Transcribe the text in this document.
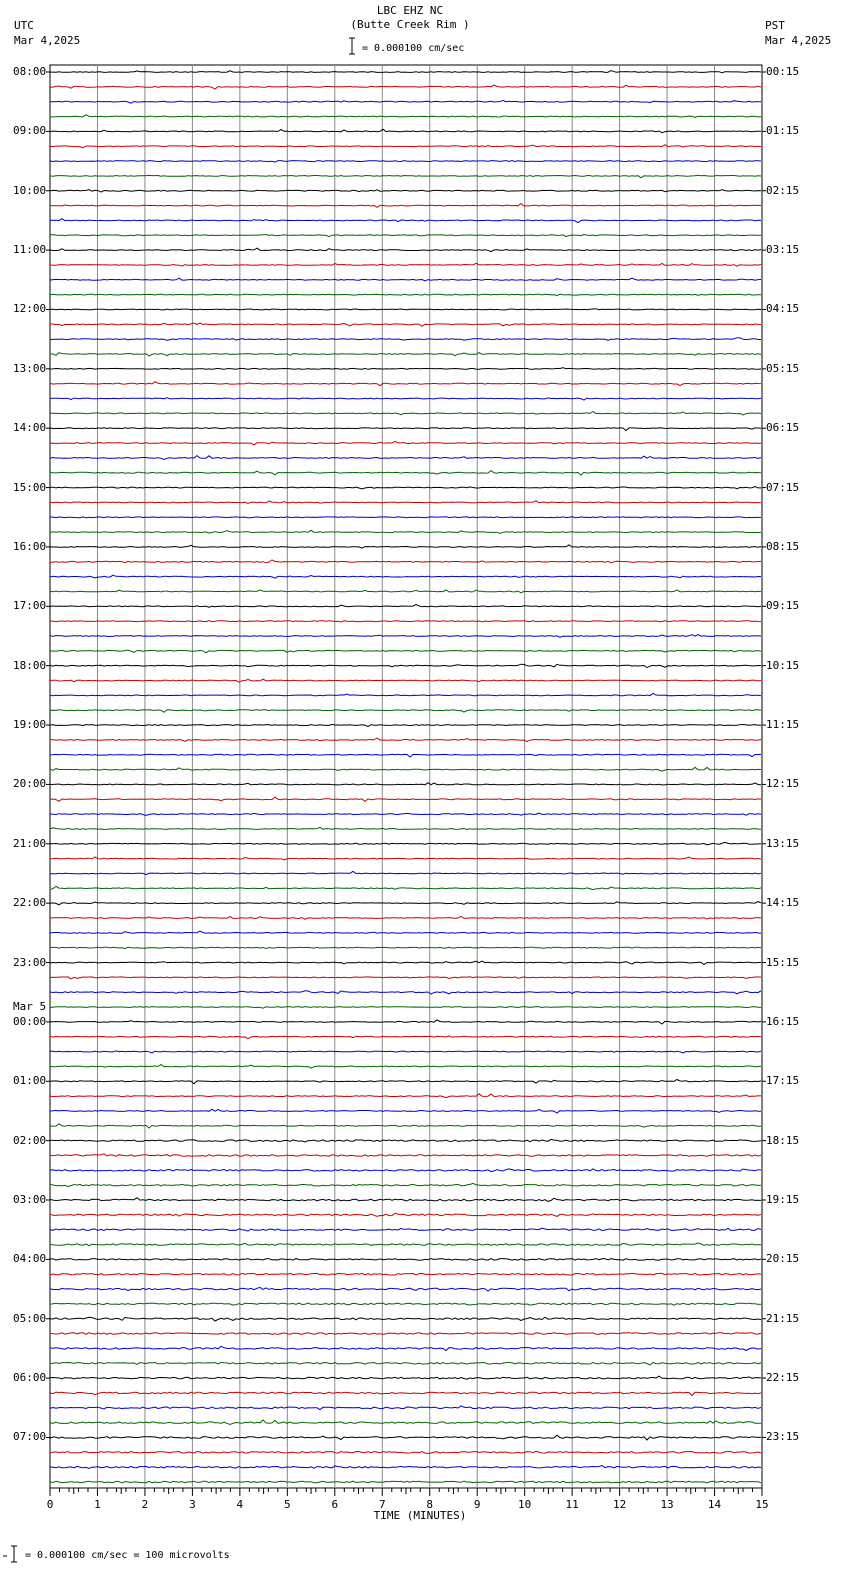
LBC EHZ NC
(Butte Creek Rim )
= 0.000100 cm/sec
UTC
Mar 4,2025
PST
Mar 4,2025
0	1	2	3	4	5	6	7	8	9	10	11	12	13	14	15
08:00
09:00
10:00
11:00
12:00
13:00
14:00
15:00
16:00
17:00
18:00
19:00
20:00
21:00
22:00
23:00
00:00
01:00
02:00
03:00
04:00
05:00
06:00
07:00
00:15
01:15
02:15
03:15
04:15
05:15
06:15
07:15
08:15
09:15
10:15
11:15
12:15
13:15
14:15
15:15
16:15
17:15
18:15
19:15
20:15
21:15
22:15
23:15
Mar 5
TIME (MINUTES)
= 0.000100 cm/sec = 100 microvolts
